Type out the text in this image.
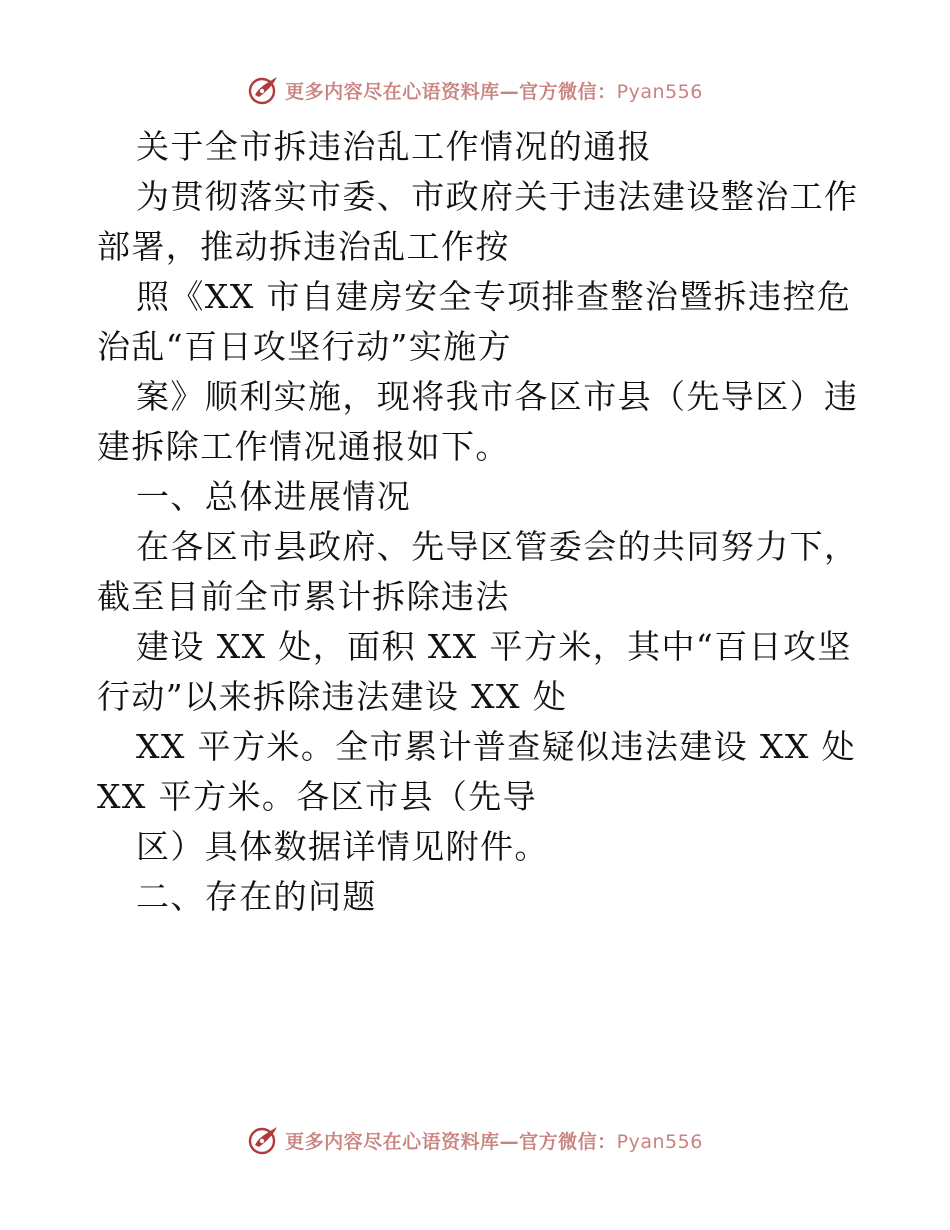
更多内容尽在心语资料库—官方微信：Pyan556
关于全市拆违治乱工作情况的通报
为贯彻落实市委、市政府关于违法建设整治工作
部署，推动拆违治乱工作按
照《XX 市自建房安全专项排查整治暨拆违控危
治乱“百日攻坚行动”实施方
案》顺利实施，现将我市各区市县（先导区）违
建拆除工作情况通报如下。
一、总体进展情况
在各区市县政府、先导区管委会的共同努力下，
截至目前全市累计拆除违法
建设 XX 处，面积 XX 平方米，其中“百日攻坚
行动”以来拆除违法建设 XX 处
XX 平方米。全市累计普查疑似违法建设 XX 处
XX 平方米。各区市县（先导
区）具体数据详情见附件。
二、存在的问题
更多内容尽在心语资料库—官方微信：Pyan556
